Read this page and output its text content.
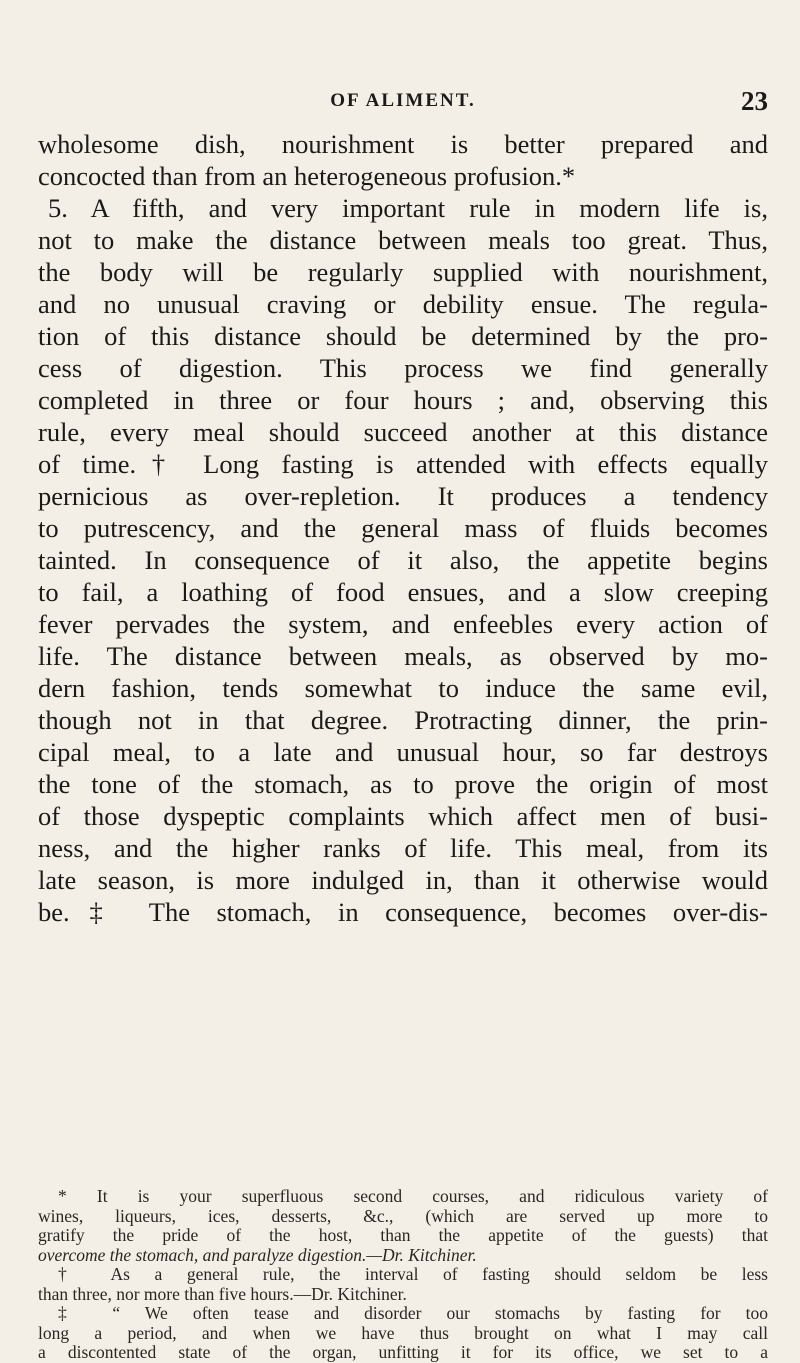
OF ALIMENT.	23
wholesome dish, nourishment is better prepared and
concocted than from an heterogeneous profusion.*
5. A fifth, and very important rule in modern life is,
not to make the distance between meals too great. Thus,
the body will be regularly supplied with nourishment,
and no unusual craving or debility ensue. The regula-
tion of this distance should be determined by the pro-
cess of digestion. This process we find generally
completed in three or four hours ; and, observing this
rule, every meal should succeed another at this distance
of time.† Long fasting is attended with effects equally
pernicious as over-repletion. It produces a tendency
to putrescency, and the general mass of fluids becomes
tainted. In consequence of it also, the appetite begins
to fail, a loathing of food ensues, and a slow creeping
fever pervades the system, and enfeebles every action of
life. The distance between meals, as observed by mo-
dern fashion, tends somewhat to induce the same evil,
though not in that degree. Protracting dinner, the prin-
cipal meal, to a late and unusual hour, so far destroys
the tone of the stomach, as to prove the origin of most
of those dyspeptic complaints which affect men of busi-
ness, and the higher ranks of life. This meal, from its
late season, is more indulged in, than it otherwise would
be.‡ The stomach, in consequence, becomes over-dis-
* It is your superfluous second courses, and ridiculous variety of
wines, liqueurs, ices, desserts, &c., (which are served up more to
gratify the pride of the host, than the appetite of the guests) that
overcome the stomach, and paralyze digestion.—Dr. Kitchiner.
† As a general rule, the interval of fasting should seldom be less
than three, nor more than five hours.—Dr. Kitchiner.
‡ “ We often tease and disorder our stomachs by fasting for too
long a period, and when we have thus brought on what I may call
a discontented state of the organ, unfitting it for its office, we set to a
